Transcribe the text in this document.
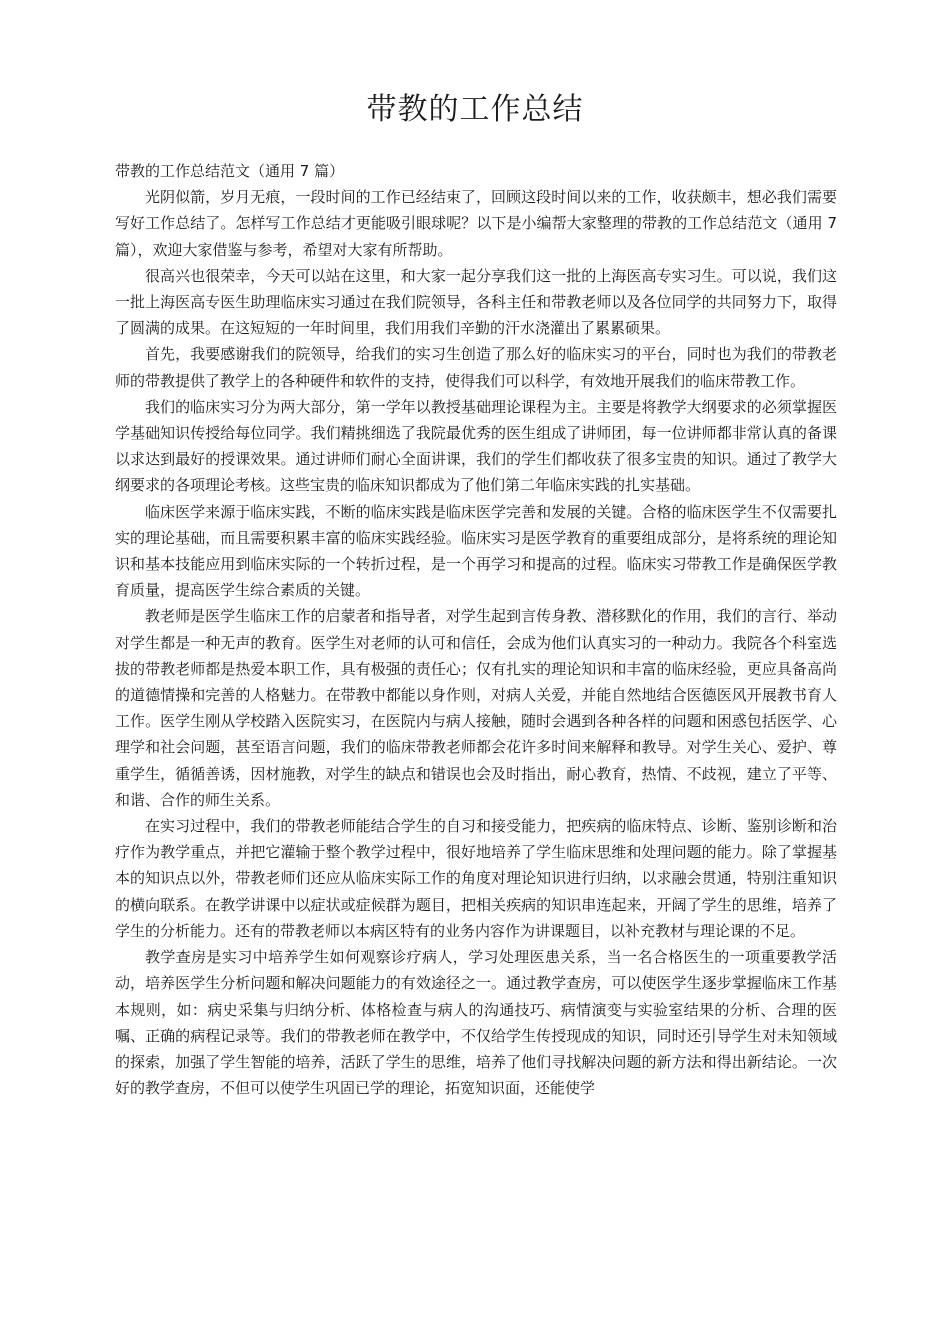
带教的工作总结

带教的工作总结范文（通用 7 篇）

光阴似箭，岁月无痕，一段时间的工作已经结束了，回顾这段时间以来的工作，收获颇丰，想必我们需要写好工作总结了。怎样写工作总结才更能吸引眼球呢？以下是小编帮大家整理的带教的工作总结范文（通用 7 篇），欢迎大家借鉴与参考，希望对大家有所帮助。

很高兴也很荣幸，今天可以站在这里，和大家一起分享我们这一批的上海医高专实习生。可以说，我们这一批上海医高专医生助理临床实习通过在我们院领导，各科主任和带教老师以及各位同学的共同努力下，取得了圆满的成果。在这短短的一年时间里，我们用我们辛勤的汗水浇灌出了累累硕果。

首先，我要感谢我们的院领导，给我们的实习生创造了那么好的临床实习的平台，同时也为我们的带教老师的带教提供了教学上的各种硬件和软件的支持，使得我们可以科学，有效地开展我们的临床带教工作。

我们的临床实习分为两大部分，第一学年以教授基础理论课程为主。主要是将教学大纲要求的必须掌握医学基础知识传授给每位同学。我们精挑细选了我院最优秀的医生组成了讲师团，每一位讲师都非常认真的备课以求达到最好的授课效果。通过讲师们耐心全面讲课，我们的学生们都收获了很多宝贵的知识。通过了教学大纲要求的各项理论考核。这些宝贵的临床知识都成为了他们第二年临床实践的扎实基础。

临床医学来源于临床实践，不断的临床实践是临床医学完善和发展的关键。合格的临床医学生不仅需要扎实的理论基础，而且需要积累丰富的临床实践经验。临床实习是医学教育的重要组成部分，是将系统的理论知识和基本技能应用到临床实际的一个转折过程，是一个再学习和提高的过程。临床实习带教工作是确保医学教育质量，提高医学生综合素质的关键。

教老师是医学生临床工作的启蒙者和指导者，对学生起到言传身教、潜移默化的作用，我们的言行、举动对学生都是一种无声的教育。医学生对老师的认可和信任，会成为他们认真实习的一种动力。我院各个科室选拔的带教老师都是热爱本职工作，具有极强的责任心；仅有扎实的理论知识和丰富的临床经验，更应具备高尚的道德情操和完善的人格魅力。在带教中都能以身作则，对病人关爱，并能自然地结合医德医风开展教书育人工作。医学生刚从学校踏入医院实习，在医院内与病人接触，随时会遇到各种各样的问题和困惑包括医学、心理学和社会问题，甚至语言问题，我们的临床带教老师都会花许多时间来解释和教导。对学生关心、爱护、尊重学生，循循善诱，因材施教，对学生的缺点和错误也会及时指出，耐心教育，热情、不歧视，建立了平等、和谐、合作的师生关系。

在实习过程中，我们的带教老师能结合学生的自习和接受能力，把疾病的临床特点、诊断、鉴别诊断和治疗作为教学重点，并把它灌输于整个教学过程中，很好地培养了学生临床思维和处理问题的能力。除了掌握基本的知识点以外，带教老师们还应从临床实际工作的角度对理论知识进行归纳，以求融会贯通，特别注重知识的横向联系。在教学讲课中以症状或症候群为题目，把相关疾病的知识串连起来，开阔了学生的思维，培养了学生的分析能力。还有的带教老师以本病区特有的业务内容作为讲课题目，以补充教材与理论课的不足。

教学查房是实习中培养学生如何观察诊疗病人，学习处理医患关系，当一名合格医生的一项重要教学活动，培养医学生分析问题和解决问题能力的有效途径之一。通过教学查房，可以使医学生逐步掌握临床工作基本规则，如：病史采集与归纳分析、体格检查与病人的沟通技巧、病情演变与实验室结果的分析、合理的医嘱、正确的病程记录等。我们的带教老师在教学中，不仅给学生传授现成的知识，同时还引导学生对未知领域的探索，加强了学生智能的培养，活跃了学生的思维，培养了他们寻找解决问题的新方法和得出新结论。一次好的教学查房，不但可以使学生巩固已学的理论，拓宽知识面，还能使学
